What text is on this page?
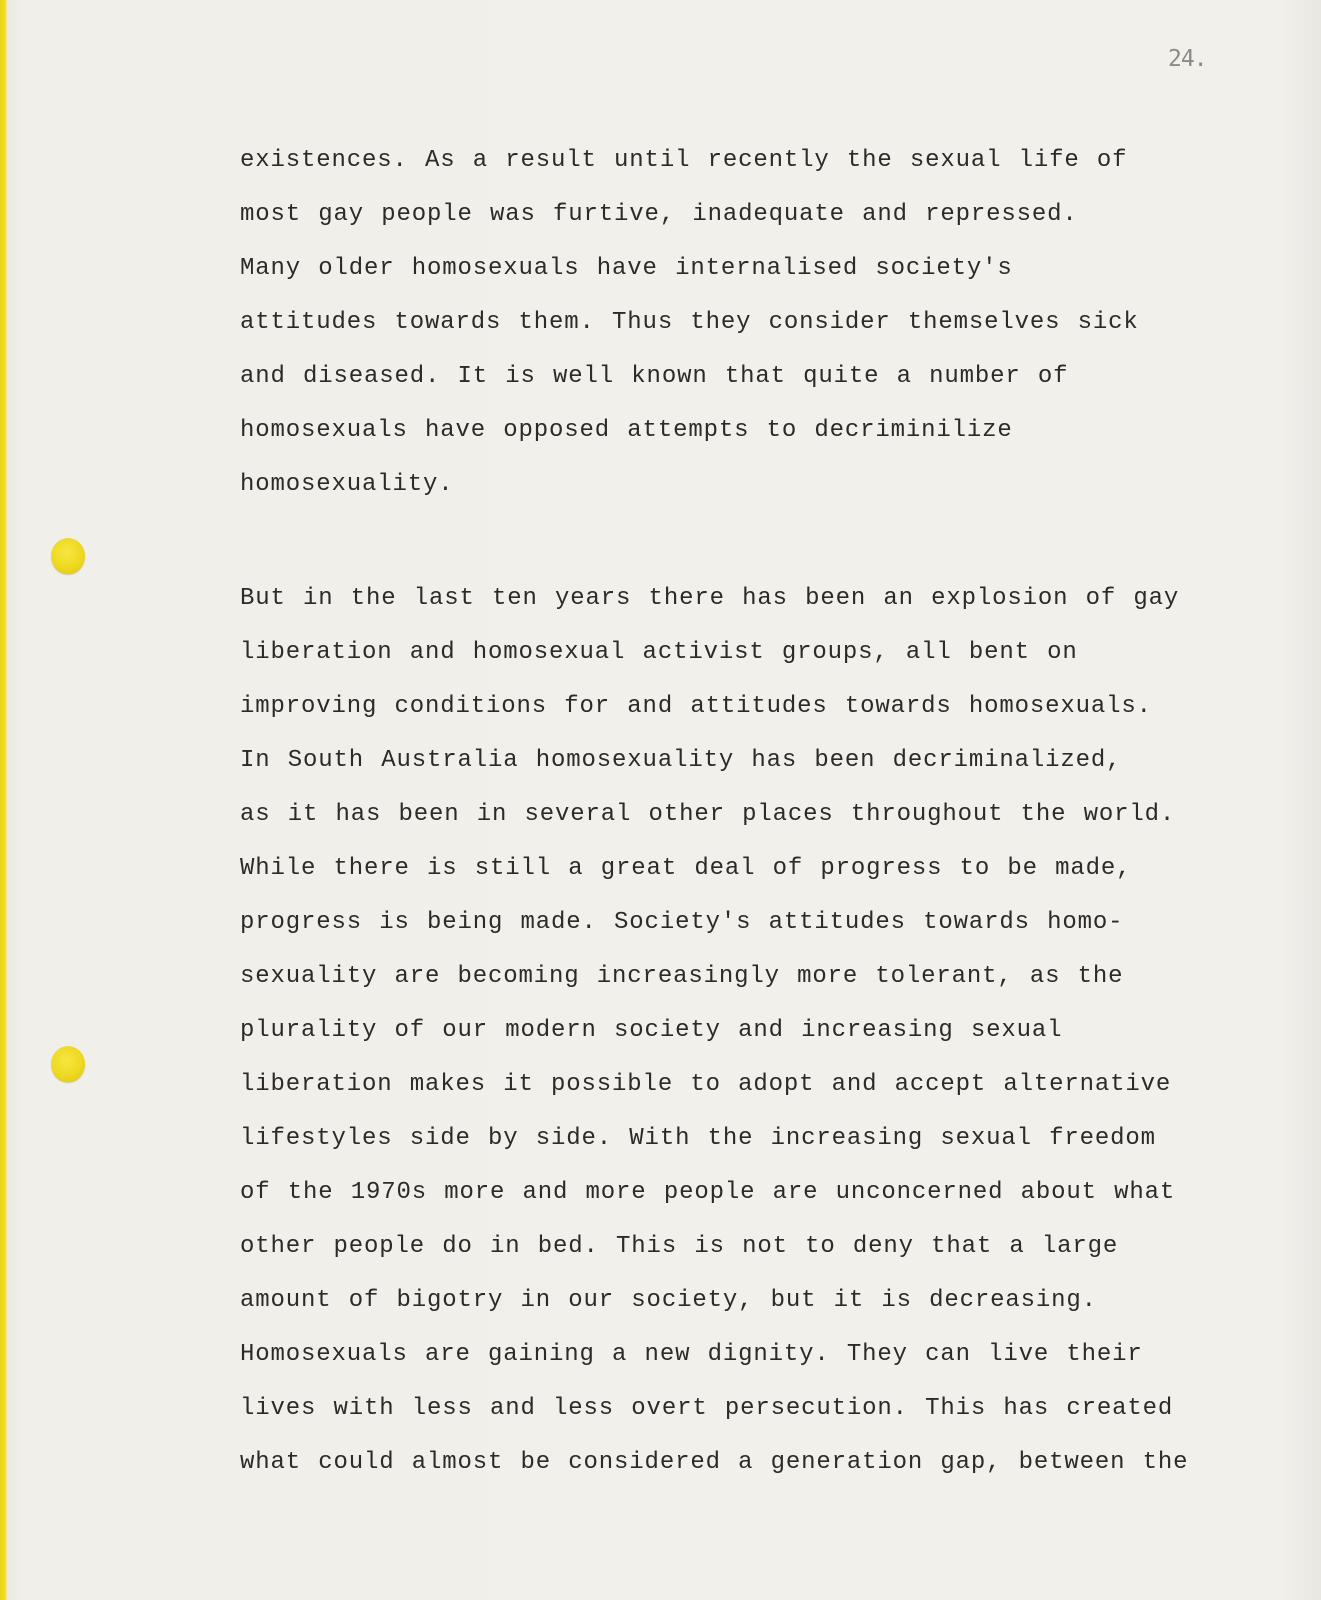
24.

existences. As a result until recently the sexual life of

most gay people was furtive, inadequate and repressed.

Many older homosexuals have internalised society's

attitudes towards them. Thus they consider themselves sick

and diseased. It is well known that quite a number of

homosexuals have opposed attempts to decriminilize

homosexuality.

But in the last ten years there has been an explosion of gay

liberation and homosexual activist groups, all bent on

improving conditions for and attitudes towards homosexuals.

In South Australia homosexuality has been decriminalized,

as it has been in several other places throughout the world.

While there is still a great deal of progress to be made,

progress is being made. Society's attitudes towards homo-

sexuality are becoming increasingly more tolerant, as the

plurality of our modern society and increasing sexual

liberation makes it possible to adopt and accept alternative

lifestyles side by side. With the increasing sexual freedom

of the 1970s more and more people are unconcerned about what

other people do in bed. This is not to deny that a large

amount of bigotry in our society, but it is decreasing.

Homosexuals are gaining a new dignity. They can live their

lives with less and less overt persecution. This has created

what could almost be considered a generation gap, between the
